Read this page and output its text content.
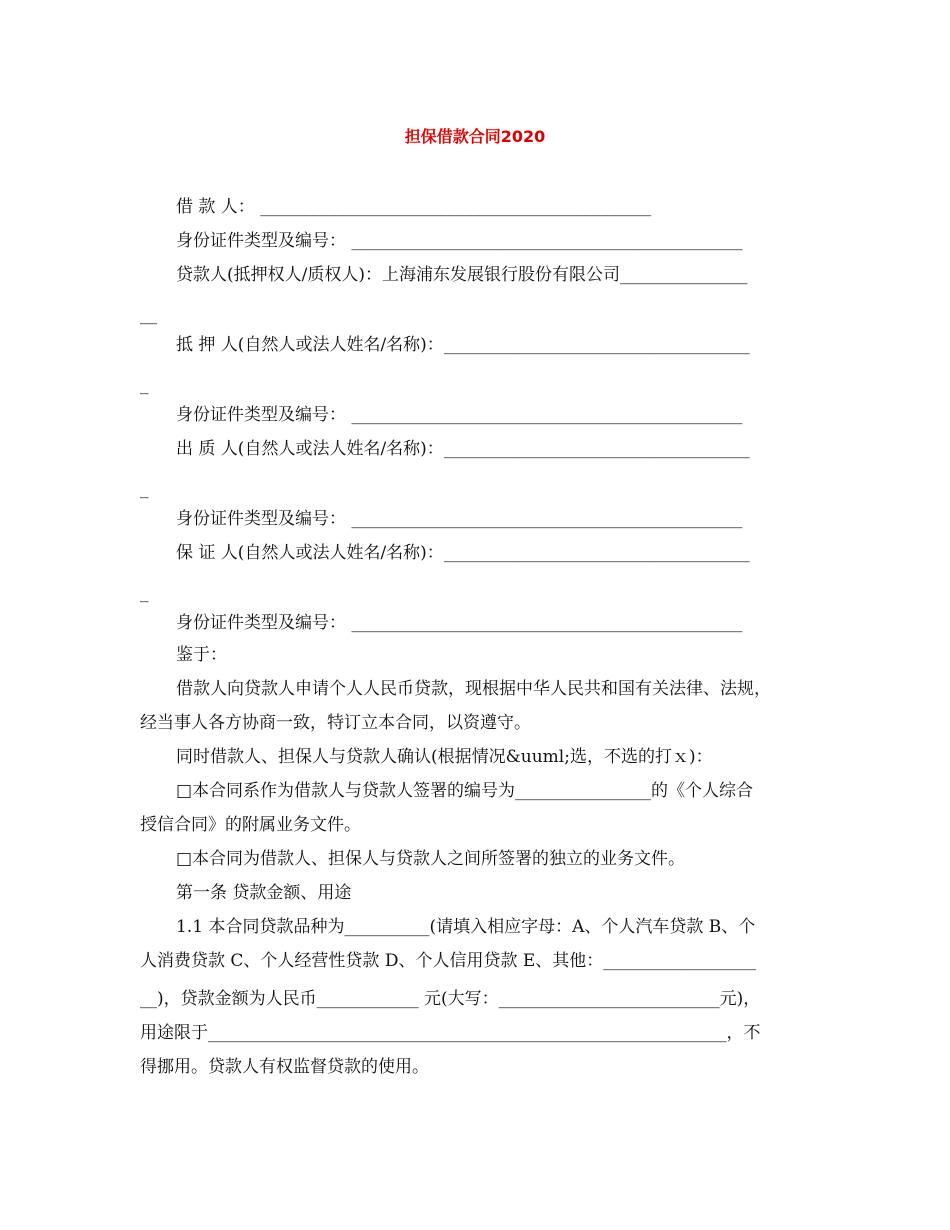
担保借款合同2020
借 款 人： ______________________________________________
身份证件类型及编号： ______________________________________________
贷款人(抵押权人/质权人)：上海浦东发展银行股份有限公司_______________
__
抵 押 人(自然人或法人姓名/名称)：____________________________________
_
身份证件类型及编号： ______________________________________________
出 质 人(自然人或法人姓名/名称)：____________________________________
_
身份证件类型及编号： ______________________________________________
保 证 人(自然人或法人姓名/名称)：____________________________________
_
身份证件类型及编号： ______________________________________________
鉴于：
借款人向贷款人申请个人人民币贷款，现根据中华人民共和国有关法律、法规，
经当事人各方协商一致，特订立本合同，以资遵守。
同时借款人、担保人与贷款人确认(根据情况&uuml;选，不选的打ｘ)：
□本合同系作为借款人与贷款人签署的编号为________________的《个人综合
授信合同》的附属业务文件。
□本合同为借款人、担保人与贷款人之间所签署的独立的业务文件。
第一条 贷款金额、用途
1.1 本合同贷款品种为__________(请填入相应字母：A、个人汽车贷款 B、个
人消费贷款 C、个人经营性贷款 D、个人信用贷款 E、其他：__________________
__)，贷款金额为人民币____________ 元(大写：__________________________元)，
用途限于_____________________________________________________________，不
得挪用。贷款人有权监督贷款的使用。
